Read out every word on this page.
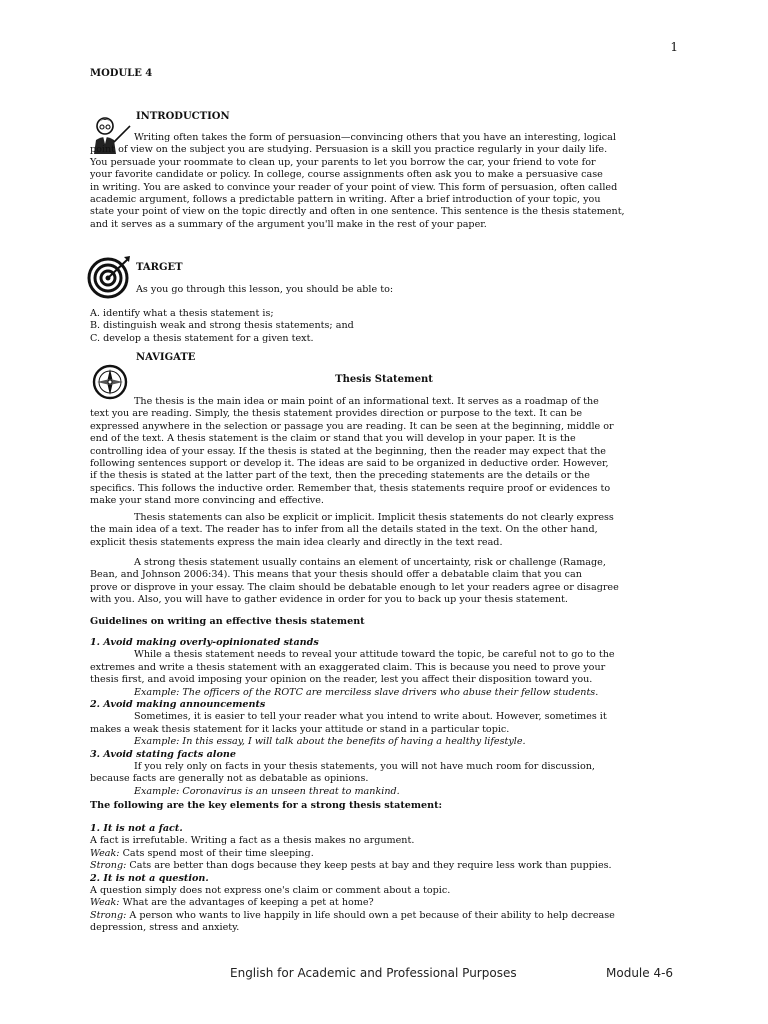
1
MODULE 4
INTRODUCTION
Writing often takes the form of persuasion—convincing others that you have an interesting, logical
point of view on the subject you are studying. Persuasion is a skill you practice regularly in your daily life.
You persuade your roommate to clean up, your parents to let you borrow the car, your friend to vote for
your favorite candidate or policy. In college, course assignments often ask you to make a persuasive case
in writing. You are asked to convince your reader of your point of view. This form of persuasion, often called
academic argument, follows a predictable pattern in writing. After a brief introduction of your topic, you
state your point of view on the topic directly and often in one sentence. This sentence is the thesis statement,
and it serves as a summary of the argument you'll make in the rest of your paper.
TARGET
As you go through this lesson, you should be able to:
A. identify what a thesis statement is;
B. distinguish weak and strong thesis statements; and
C. develop a thesis statement for a given text.
NAVIGATE
Thesis Statement
The thesis is the main idea or main point of an informational text. It serves as a roadmap of the
text you are reading. Simply, the thesis statement provides direction or purpose to the text. It can be
expressed anywhere in the selection or passage you are reading. It can be seen at the beginning, middle or
end of the text. A thesis statement is the claim or stand that you will develop in your paper. It is the
controlling idea of your essay. If the thesis is stated at the beginning, then the reader may expect that the
following sentences support or develop it. The ideas are said to be organized in deductive order. However,
if the thesis is stated at the latter part of the text, then the preceding statements are the details or the
specifics. This follows the inductive order. Remember that, thesis statements require proof or evidences to
make your stand more convincing and effective.
Thesis statements can also be explicit or implicit. Implicit thesis statements do not clearly express
the main idea of a text. The reader has to infer from all the details stated in the text. On the other hand,
explicit thesis statements express the main idea clearly and directly in the text read.
A strong thesis statement usually contains an element of uncertainty, risk or challenge (Ramage,
Bean, and Johnson 2006:34). This means that your thesis should offer a debatable claim that you can
prove or disprove in your essay. The claim should be debatable enough to let your readers agree or disagree
with you. Also, you will have to gather evidence in order for you to back up your thesis statement.
Guidelines on writing an effective thesis statement
1. Avoid making overly-opinionated stands
While a thesis statement needs to reveal your attitude toward the topic, be careful not to go to the
extremes and write a thesis statement with an exaggerated claim. This is because you need to prove your
thesis first, and avoid imposing your opinion on the reader, lest you affect their disposition toward you.
Example: The officers of the ROTC are merciless slave drivers who abuse their fellow students.
2. Avoid making announcements
Sometimes, it is easier to tell your reader what you intend to write about. However, sometimes it
makes a weak thesis statement for it lacks your attitude or stand in a particular topic.
Example: In this essay, I will talk about the benefits of having a healthy lifestyle.
3. Avoid stating facts alone
If you rely only on facts in your thesis statements, you will not have much room for discussion,
because facts are generally not as debatable as opinions.
Example: Coronavirus is an unseen threat to mankind.
The following are the key elements for a strong thesis statement:
1. It is not a fact.
A fact is irrefutable. Writing a fact as a thesis makes no argument.
Weak: Cats spend most of their time sleeping.
Strong: Cats are better than dogs because they keep pests at bay and they require less work than puppies.
2. It is not a question.
A question simply does not express one's claim or comment about a topic.
Weak: What are the advantages of keeping a pet at home?
Strong: A person who wants to live happily in life should own a pet because of their ability to help decrease
depression, stress and anxiety.
English for Academic and Professional Purposes	Module 4-6
